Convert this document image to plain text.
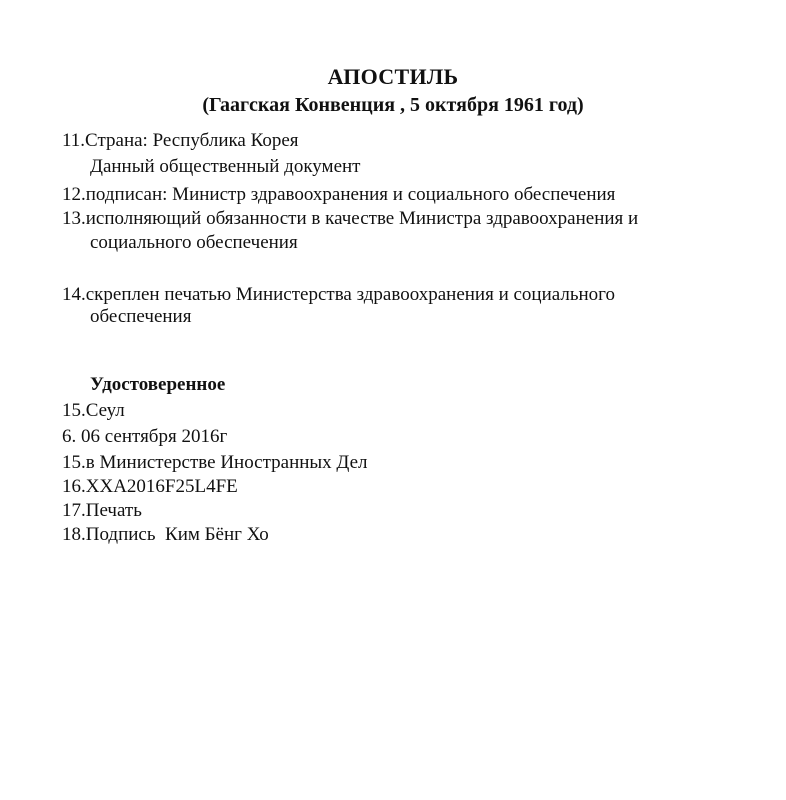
АПОСТИЛЬ
(Гаагская Конвенция , 5 октября 1961 год)
11.Страна: Республика Корея
Данный общественный документ
12.подписан: Министр здравоохранения и социального обеспечения
13.исполняющий обязанности в качестве Министра здравоохранения и
социального обеспечения
14.скреплен печатью Министерства здравоохранения и социального
обеспечения
Удостоверенное
15.Сеул
6. 06 сентября 2016г
15.в Министерстве Иностранных Дел
16.XXA2016F25L4FE
17.Печать
18.Подпись  Ким Бёнг Хо
